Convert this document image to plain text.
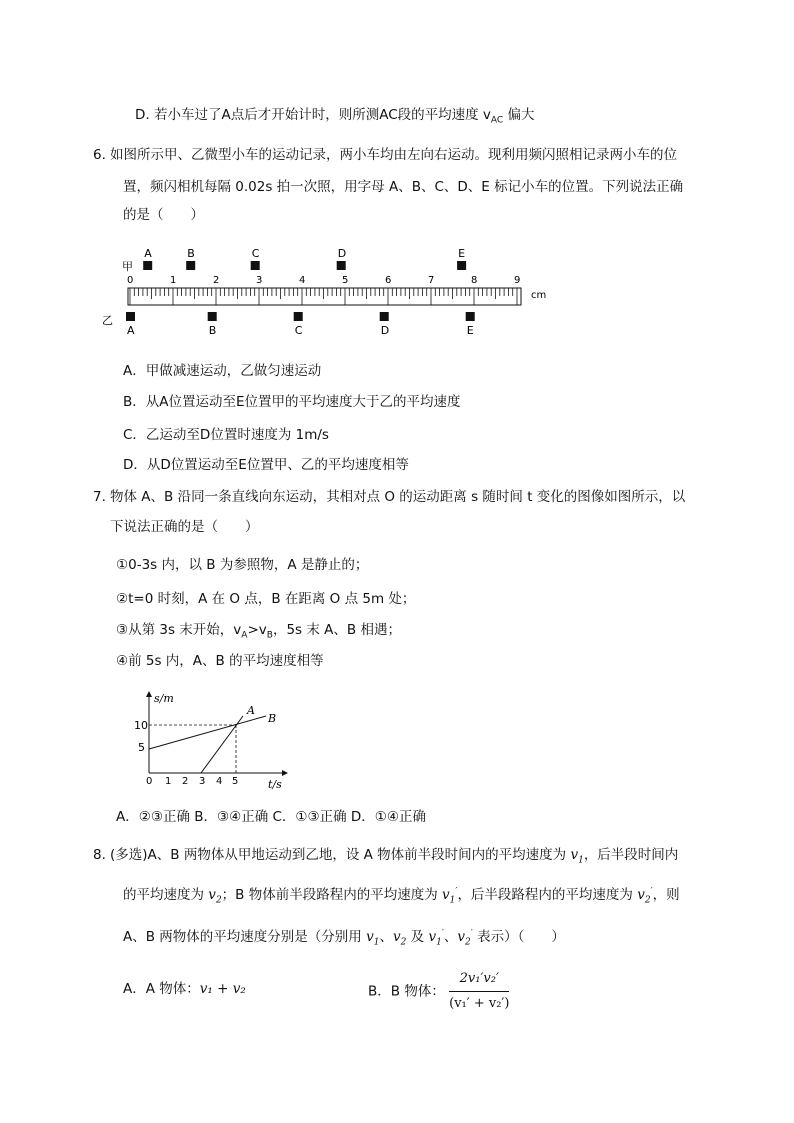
D. 若小车过了A点后才开始计时，则所测AC段的平均速度 $v_{AC}$ 偏大
6. 如图所示甲、乙微型小车的运动记录，两小车均由左向右运动。现利用频闪照相记录两小车的位
置，频闪相机每隔 0.02s 拍一次照，用字母 A、B、C、D、E 标记小车的位置。下列说法正确
的是（　　）
0	1	2	3	4	5	6	7	8	9
A	B	C	D	E
A	B	C	D	E
甲
乙
cm
A．甲做减速运动，乙做匀速运动
B．从A位置运动至E位置甲的平均速度大于乙的平均速度
C．乙运动至D位置时速度为 1m/s
D．从D位置运动至E位置甲、乙的平均速度相等
7. 物体 A、B 沿同一条直线向东运动，其相对点 O 的运动距离 s 随时间 t 变化的图像如图所示，以
下说法正确的是（　　）
①0-3s 内，以 B 为参照物，A 是静止的；
②t=0 时刻，A 在 O 点，B 在距离 O 点 5m 处；
③从第 3s 末开始，$v_A>v_B$，5s 末 A、B 相遇；
④前 5s 内，A、B 的平均速度相等
s/m
t/s
10
5
0 1 2 3 4 5
A
B
A．②③正确 B．③④正确 C．①③正确 D．①④正确
8. (多选)A、B 两物体从甲地运动到乙地，设 A 物体前半段时间内的平均速度为 $v_1$，后半段时间内
的平均速度为 $v_2$；B 物体前半段路程内的平均速度为 $v_1'$，后半段路程内的平均速度为 $v_2'$，则
A、B 两物体的平均速度分别是（分别用 $v_1$、$v_2$ 及 $v_1'$、$v_2'$ 表示）（　　）
A．A 物体：v₁ + v₂	B．B 物体： $\frac{\text{2v₁′v₂′}}{\text{(v₁′ + v₂′)}}$
